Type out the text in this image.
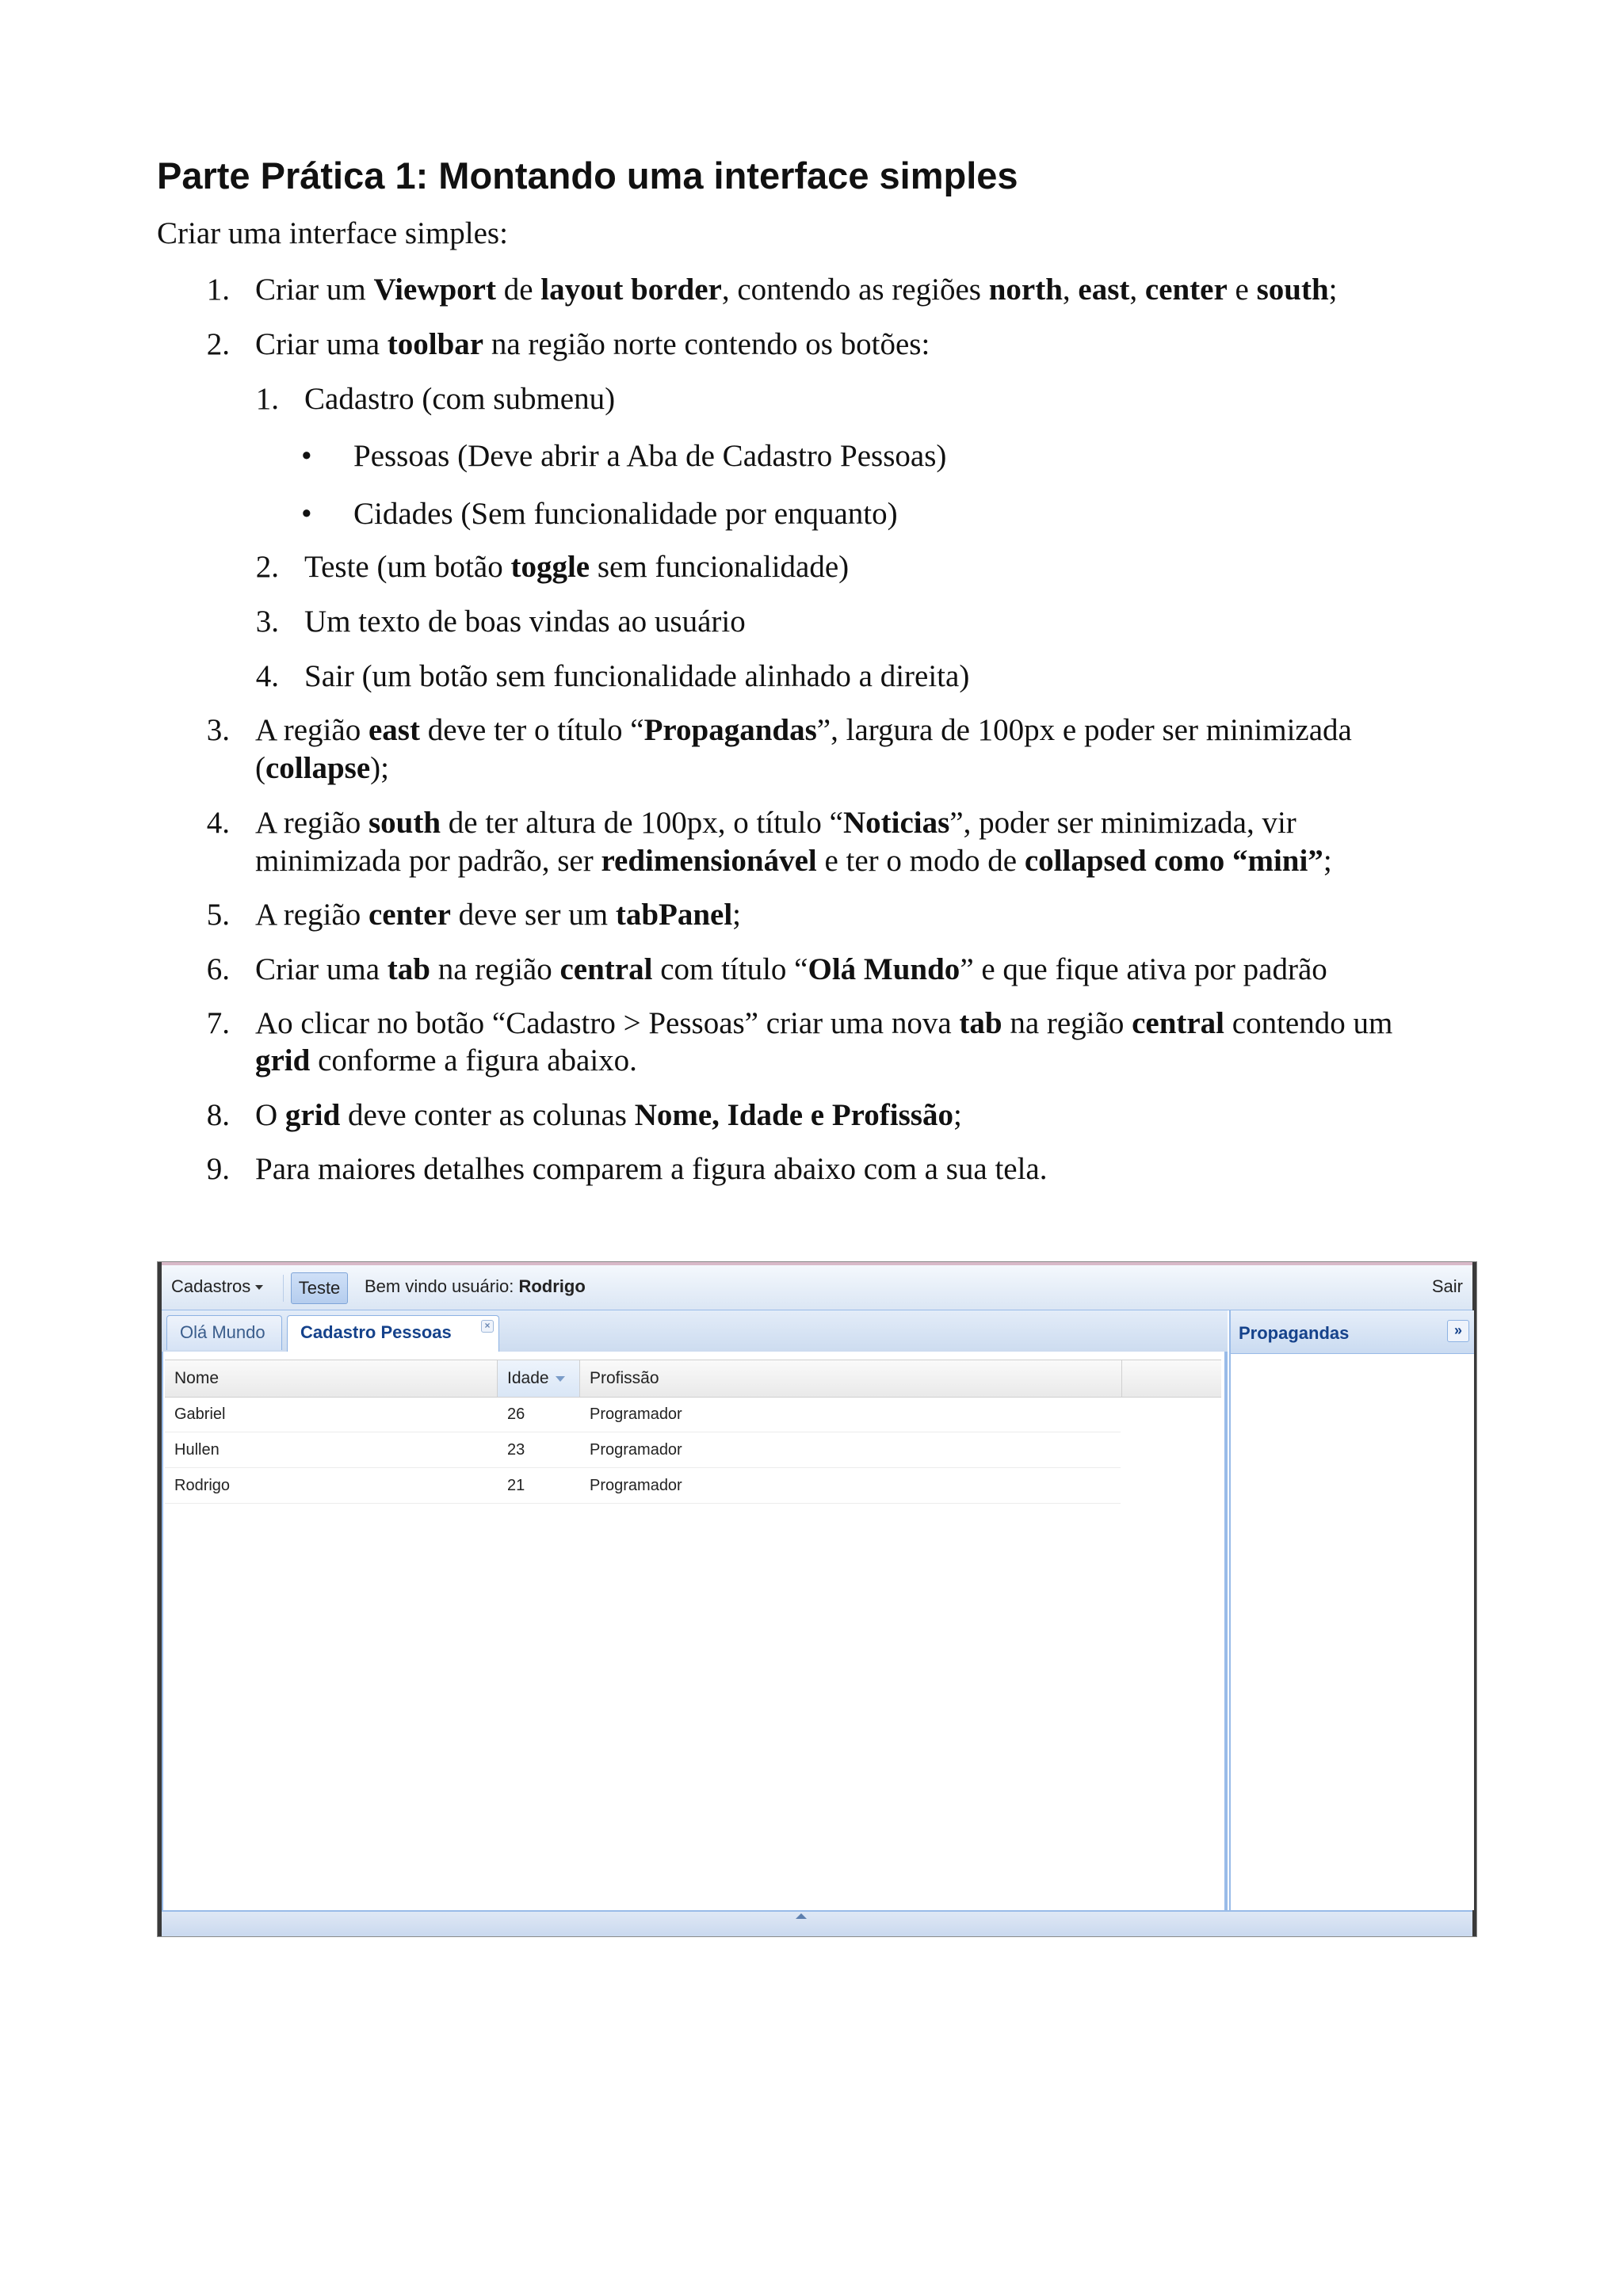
Parte Prática 1: Montando uma interface simples
Criar uma interface simples:
1. Criar um Viewport de layout border, contendo as regiões north, east, center e south;
2. Criar uma toolbar na região norte contendo os botões:
1. Cadastro (com submenu)
• Pessoas (Deve abrir a Aba de Cadastro Pessoas)
• Cidades (Sem funcionalidade por enquanto)
2. Teste (um botão toggle sem funcionalidade)
3. Um texto de boas vindas ao usuário
4. Sair (um botão sem funcionalidade alinhado a direita)
3. A região east deve ter o título “Propagandas”, largura de 100px e poder ser minimizada
(collapse);
4. A região south de ter altura de 100px, o título “Noticias”, poder ser minimizada, vir
minimizada por padrão, ser redimensionável e ter o modo de collapsed como “mini”;
5. A região center deve ser um tabPanel;
6. Criar uma tab na região central com título “Olá Mundo” e que fique ativa por padrão
7. Ao clicar no botão “Cadastro > Pessoas” criar uma nova tab na região central contendo um
grid conforme a figura abaixo.
8. O grid deve conter as colunas Nome, Idade e Profissão;
9. Para maiores detalhes comparem a figura abaixo com a sua tela.
Cadastros	Teste	Bem vindo usuário: Rodrigo	Sair
Olá Mundo	Cadastro Pessoas	×
Nome	Idade	Profissão
Gabriel	26	Programador
Hullen	23	Programador
Rodrigo	21	Programador
Propagandas	»
